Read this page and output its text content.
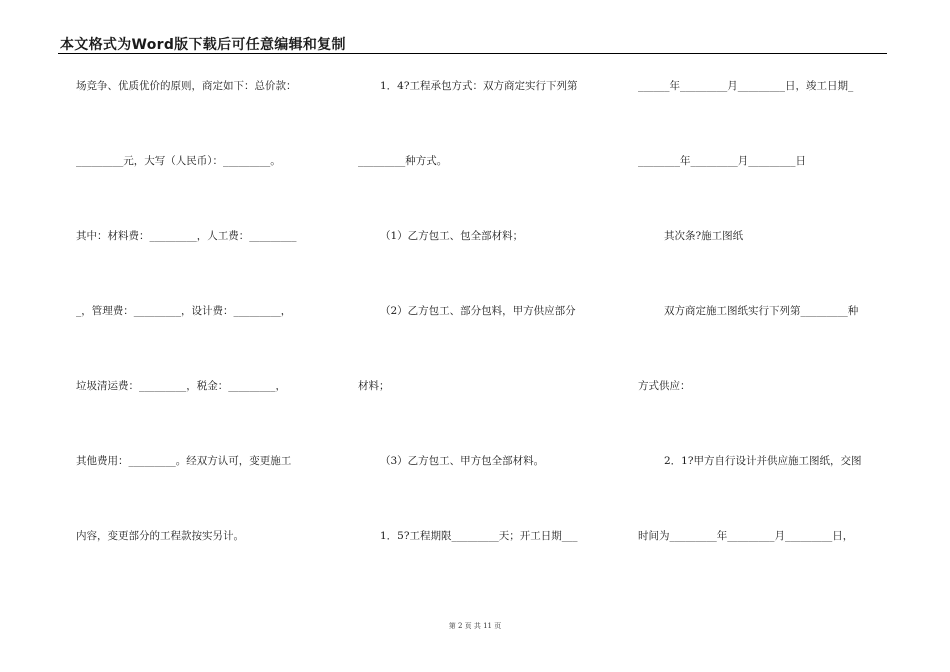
本文格式为Word版下载后可任意编辑和复制
场竞争、优质优价的原则，商定如下：总价款：
_________元，大写（人民币）：_________。
其中：材料费：_________，人工费：_________
_，管理费：_________，设计费：_________，
垃圾清运费：_________，税金：_________，
其他费用：_________。经双方认可，变更施工
内容，变更部分的工程款按实另计。
1．4?工程承包方式：双方商定实行下列第
_________种方式。
（1）乙方包工、包全部材料；
（2）乙方包工、部分包料，甲方供应部分
材料；
（3）乙方包工、甲方包全部材料。
1．5?工程期限_________天；开工日期___
______年_________月_________日，竣工日期_
________年_________月_________日
其次条?施工图纸
双方商定施工图纸实行下列第_________种
方式供应：
2．1?甲方自行设计并供应施工图纸，交图
时间为_________年_________月_________日，
第 2 页 共 11 页
